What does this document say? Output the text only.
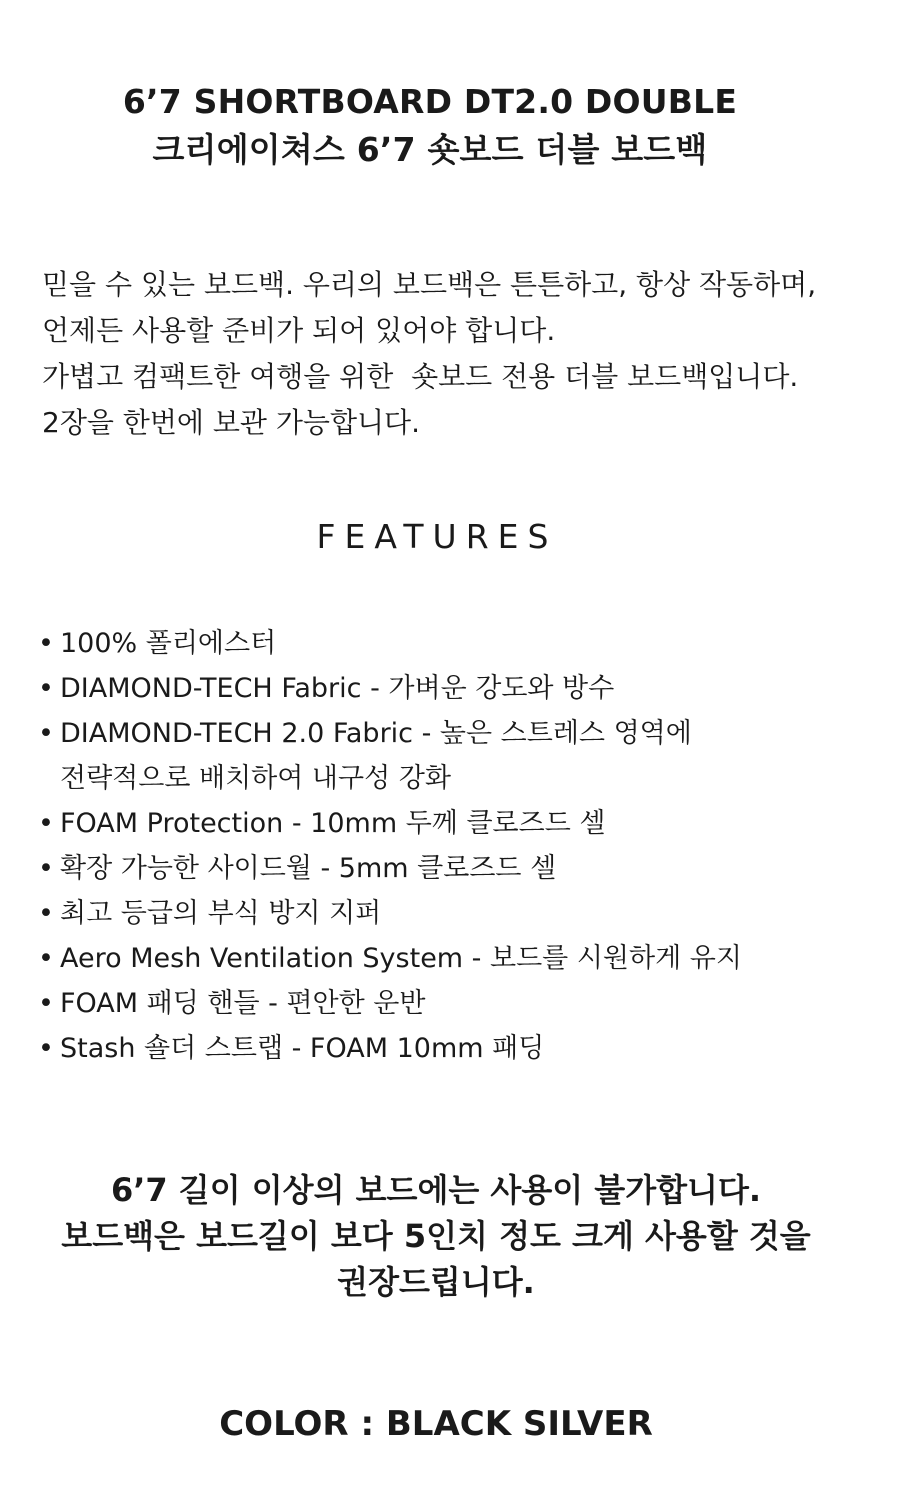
6’7 SHORTBOARD DT2.0 DOUBLE
크리에이쳐스 6’7 숏보드 더블 보드백
믿을 수 있는 보드백. 우리의 보드백은 튼튼하고, 항상 작동하며,
언제든 사용할 준비가 되어 있어야 합니다.
가볍고 컴팩트한 여행을 위한  숏보드 전용 더블 보드백입니다.
2장을 한번에 보관 가능합니다.
FEATURES
• 100% 폴리에스터
• DIAMOND-TECH Fabric - 가벼운 강도와 방수
• DIAMOND-TECH 2.0 Fabric - 높은 스트레스 영역에
전략적으로 배치하여 내구성 강화
• FOAM Protection - 10mm 두께 클로즈드 셀
• 확장 가능한 사이드월 - 5mm 클로즈드 셀
• 최고 등급의 부식 방지 지퍼
• Aero Mesh Ventilation System - 보드를 시원하게 유지
• FOAM 패딩 핸들 - 편안한 운반
• Stash 숄더 스트랩 - FOAM 10mm 패딩
6’7 길이 이상의 보드에는 사용이 불가합니다.
보드백은 보드길이 보다 5인치 정도 크게 사용할 것을
권장드립니다.
COLOR : BLACK SILVER
